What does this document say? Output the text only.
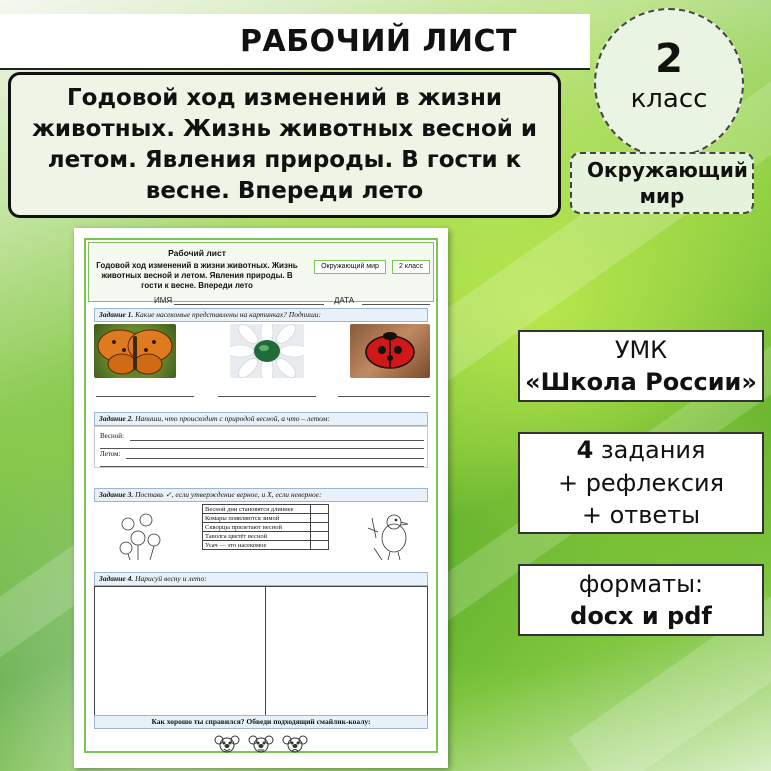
РАБОЧИЙ ЛИСТ	2
класс
Годовой ход изменений в жизни животных. Жизнь животных весной и летом. Явления природы. В гости к весне. Впереди лето
Окружающий мир
УМК
«Школа России»
4 задания
+ рефлексия
+ ответы
форматы:
docx и pdf
Рабочий лист
Годовой ход изменений в жизни животных. Жизнь животных весной и летом. Явления природы. В гости к весне. Впереди лето
Окружающий мир	2 класс
ИМЯ	ДАТА
Задание 1. Какие насекомые представлены на картинках? Подпиши:
Задание 2. Напиши, что происходит с природой весной, а что – летом:
Весной:
Летом:
Задание 3. Поставь ✓, если утверждение верное, и Х, если неверное:
Весной дни становятся длиннее	
Комары появляются зимой	
Скворцы прилетают весной	
Таволга цветёт весной	
Усач — это насекомое	
Задание 4. Нарисуй весну и лето:
Как хорошо ты справился? Обведи подходящий смайлик-коалу:
